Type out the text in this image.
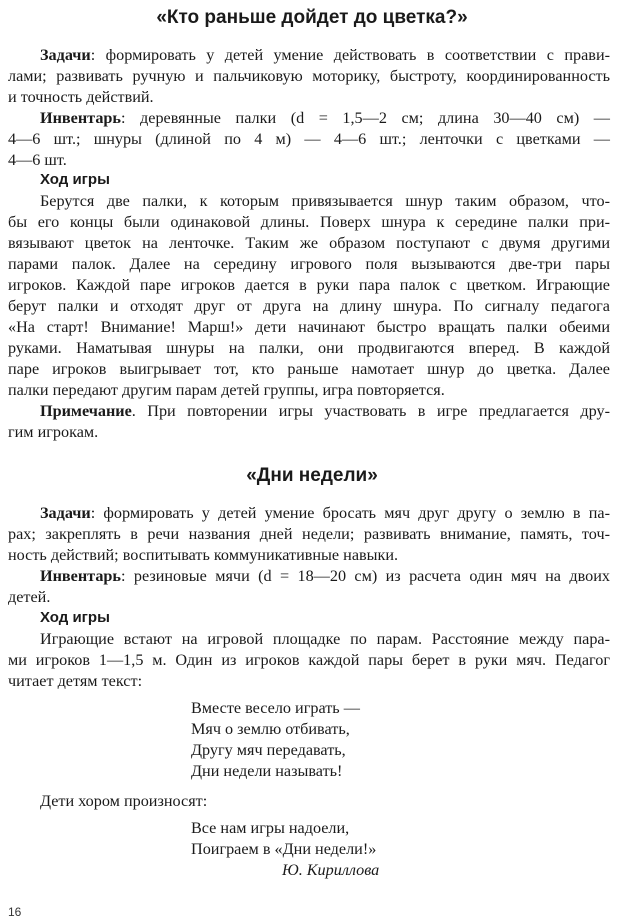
«Кто раньше дойдет до цветка?»
Задачи: формировать у детей умение действовать в соответствии с прави-
лами; развивать ручную и пальчиковую моторику, быстроту, координированность
и точность действий.
Инвентарь: деревянные палки (d = 1,5—2 см; длина 30—40 см) —
4—6 шт.; шнуры (длиной по 4 м) — 4—6 шт.; ленточки с цветками —
4—6 шт.
Ход игры
Берутся две палки, к которым привязывается шнур таким образом, что-
бы его концы были одинаковой длины. Поверх шнура к середине палки при-
вязывают цветок на ленточке. Таким же образом поступают с двумя другими
парами палок. Далее на середину игрового поля вызываются две-три пары
игроков. Каждой паре игроков дается в руки пара палок с цветком. Играющие
берут палки и отходят друг от друга на длину шнура. По сигналу педагога
«На старт! Внимание! Марш!» дети начинают быстро вращать палки обеими
руками. Наматывая шнуры на палки, они продвигаются вперед. В каждой
паре игроков выигрывает тот, кто раньше намотает шнур до цветка. Далее
палки передают другим парам детей группы, игра повторяется.
Примечание. При повторении игры участвовать в игре предлагается дру-
гим игрокам.
«Дни недели»
Задачи: формировать у детей умение бросать мяч друг другу о землю в па-
рах; закреплять в речи названия дней недели; развивать внимание, память, точ-
ность действий; воспитывать коммуникативные навыки.
Инвентарь: резиновые мячи (d = 18—20 см) из расчета один мяч на двоих
детей.
Ход игры
Играющие встают на игровой площадке по парам. Расстояние между пара-
ми игроков 1—1,5 м. Один из игроков каждой пары берет в руки мяч. Педагог
читает детям текст:
Вместе весело играть —
Мяч о землю отбивать,
Другу мяч передавать,
Дни недели называть!
Дети хором произносят:
Все нам игры надоели,
Поиграем в «Дни недели!»
Ю. Кириллова
16
